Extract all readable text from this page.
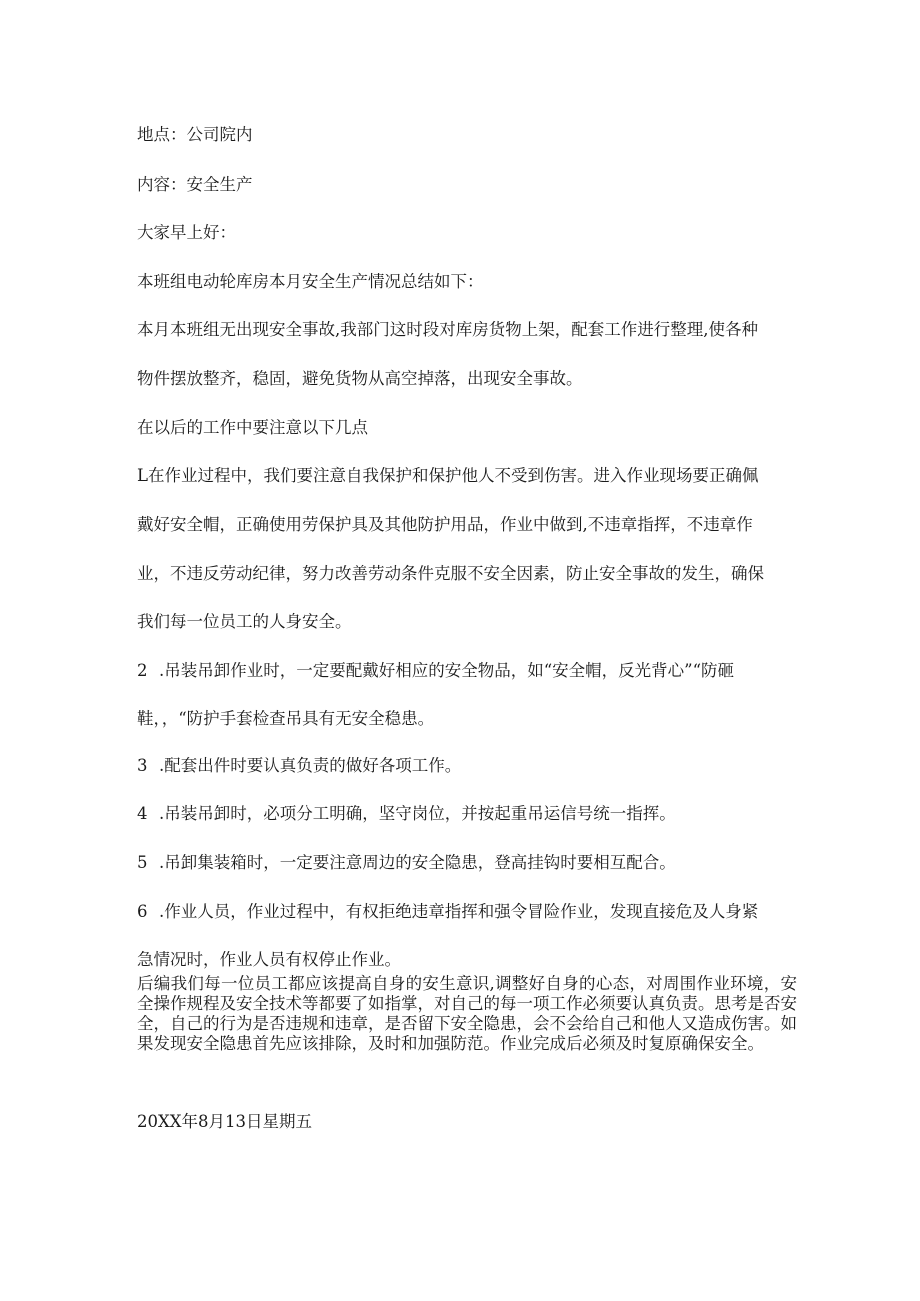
地点：公司院内

内容：安全生产

大家早上好：

本班组电动轮库房本月安全生产情况总结如下：

本月本班组无出现安全事故,我部门这时段对库房货物上架，配套工作进行整理,使各种

物件摆放整齐，稳固，避免货物从高空掉落，出现安全事故。

在以后的工作中要注意以下几点

L在作业过程中，我们要注意自我保护和保护他人不受到伤害。进入作业现场要正确佩

戴好安全帽，正确使用劳保护具及其他防护用品，作业中做到,不违章指挥，不违章作

业，不违反劳动纪律，努力改善劳动条件克服不安全因素，防止安全事故的发生，确保

我们每一位员工的人身安全。

2 .吊装吊卸作业时，一定要配戴好相应的安全物品，如“安全帽，反光背心”“防砸

鞋，，“防护手套检查吊具有无安全稳患。

3 .配套出件时要认真负责的做好各项工作。

4 .吊装吊卸时，必项分工明确，坚守岗位，并按起重吊运信号统一指挥。

5 .吊卸集装箱时，一定要注意周边的安全隐患，登高挂钩时要相互配合。

6 .作业人员，作业过程中，有权拒绝违章指挥和强令冒险作业，发现直接危及人身紧

急情况时，作业人员有权停止作业。

后编我们每一位员工都应该提高自身的安生意识,调整好自身的心态，对周围作业环境，安全操作规程及安全技术等都要了如指掌，对自己的每一项工作必须要认真负责。思考是否安全，自己的行为是否违规和违章，是否留下安全隐患，会不会给自己和他人又造成伤害。如果发现安全隐患首先应该排除，及时和加强防范。作业完成后必须及时复原确保安全。

20XX年8月13日星期五
